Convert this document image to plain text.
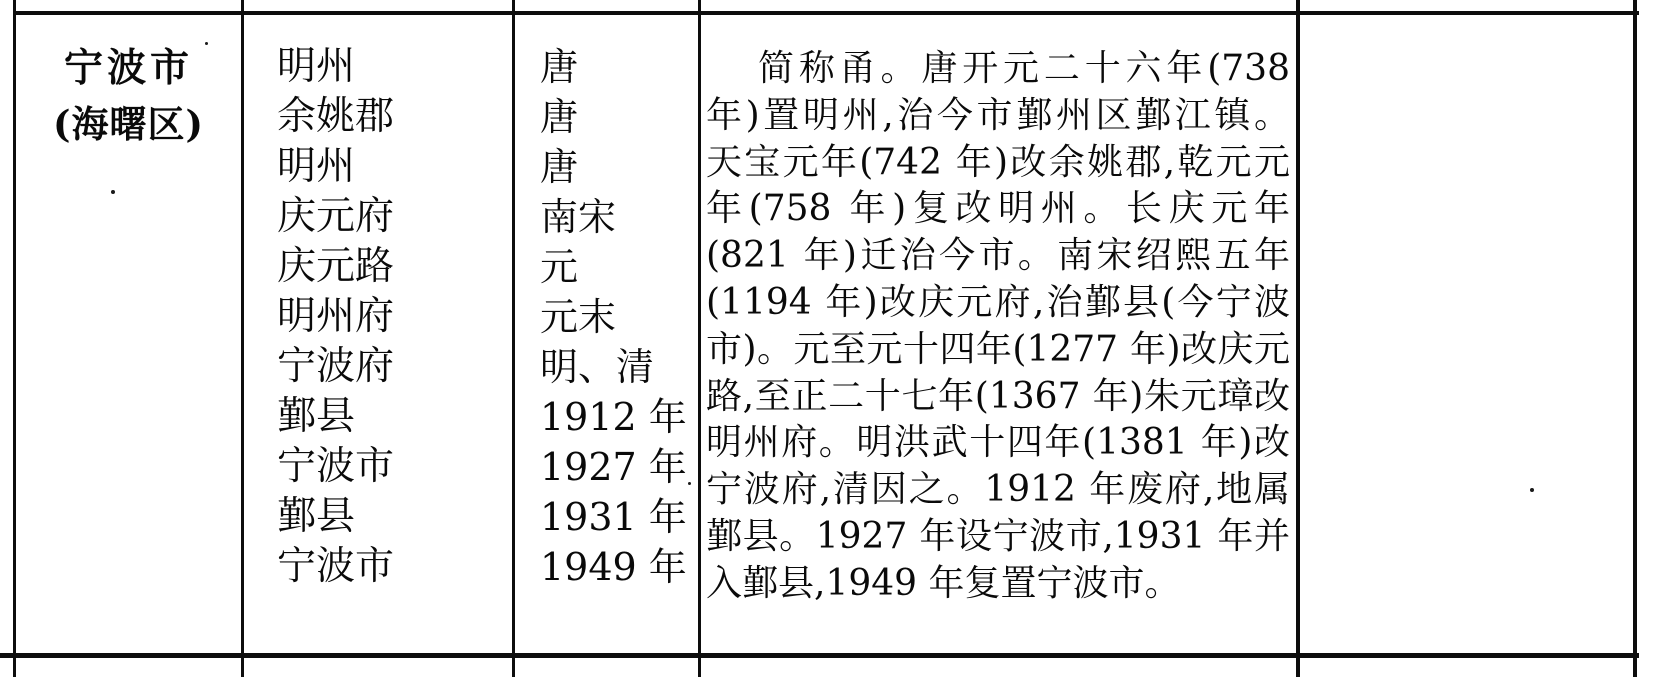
宁波市
(海曙区)
明州
余姚郡
明州
庆元府
庆元路
明州府
宁波府
鄞县
宁波市
鄞县
宁波市
唐
唐
唐
南宋
元
元末
明、清
1912 年
1927 年
1931 年
1949 年
简称甬。唐开元二十六年(738
年)置明州,治今市鄞州区鄞江镇。
天宝元年(742 年)改余姚郡,乾元元
年(758 年)复改明州。长庆元年
(821 年)迁治今市。南宋绍熙五年
(1194 年)改庆元府,治鄞县(今宁波
市)。元至元十四年(1277 年)改庆元
路,至正二十七年(1367 年)朱元璋改
明州府。明洪武十四年(1381 年)改
宁波府,清因之。1912 年废府,地属
鄞县。1927 年设宁波市,1931 年并
入鄞县,1949 年复置宁波市。
